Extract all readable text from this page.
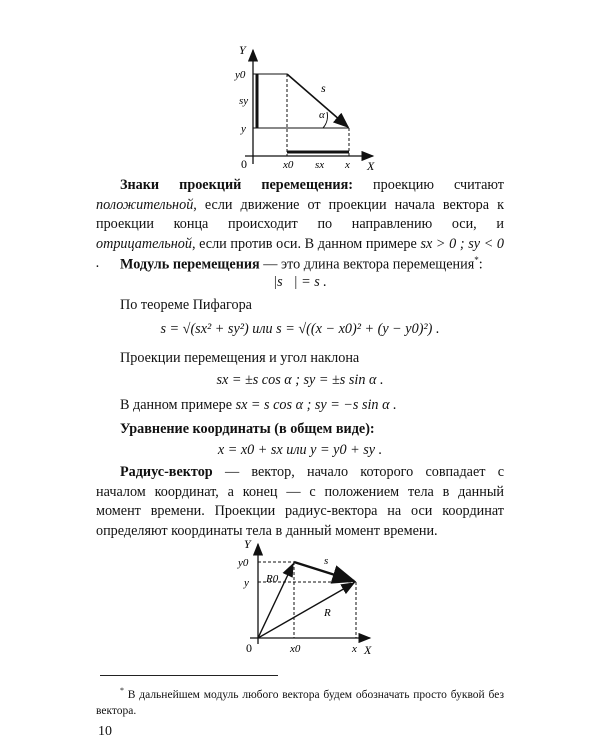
Y
X
0
y0
sy
y
x0 sx x
s
α
Знаки проекций перемещения: проекцию считают положительной, если движение от проекции начала вектора к проекции конца происходит по направлению оси, и отрицательной, если против оси. В данном примере sx > 0 ; sy < 0 .	Модуль перемещения — это длина вектора перемещения*:
|s⃗| = s .
По теореме Пифагора
s = √(sx² + sy²) или s = √((x − x0)² + (y − y0)²) .
Проекции перемещения и угол наклона
sx = ±s cos α ; sy = ±s sin α .
В данном примере sx = s cos α ; sy = −s sin α .
Уравнение координаты (в общем виде):
x = x0 + sx или y = y0 + sy .
Радиус-вектор — вектор, начало которого совпадает с началом координат, а конец — с положением тела в данный момент времени. Проекции радиус-вектора на оси координат определяют координаты тела в данный момент времени.
Y
X
0
y0
y
x0	x
s
R0
R
* В дальнейшем модуль любого вектора будем обозначать просто буквой без вектора.
10
